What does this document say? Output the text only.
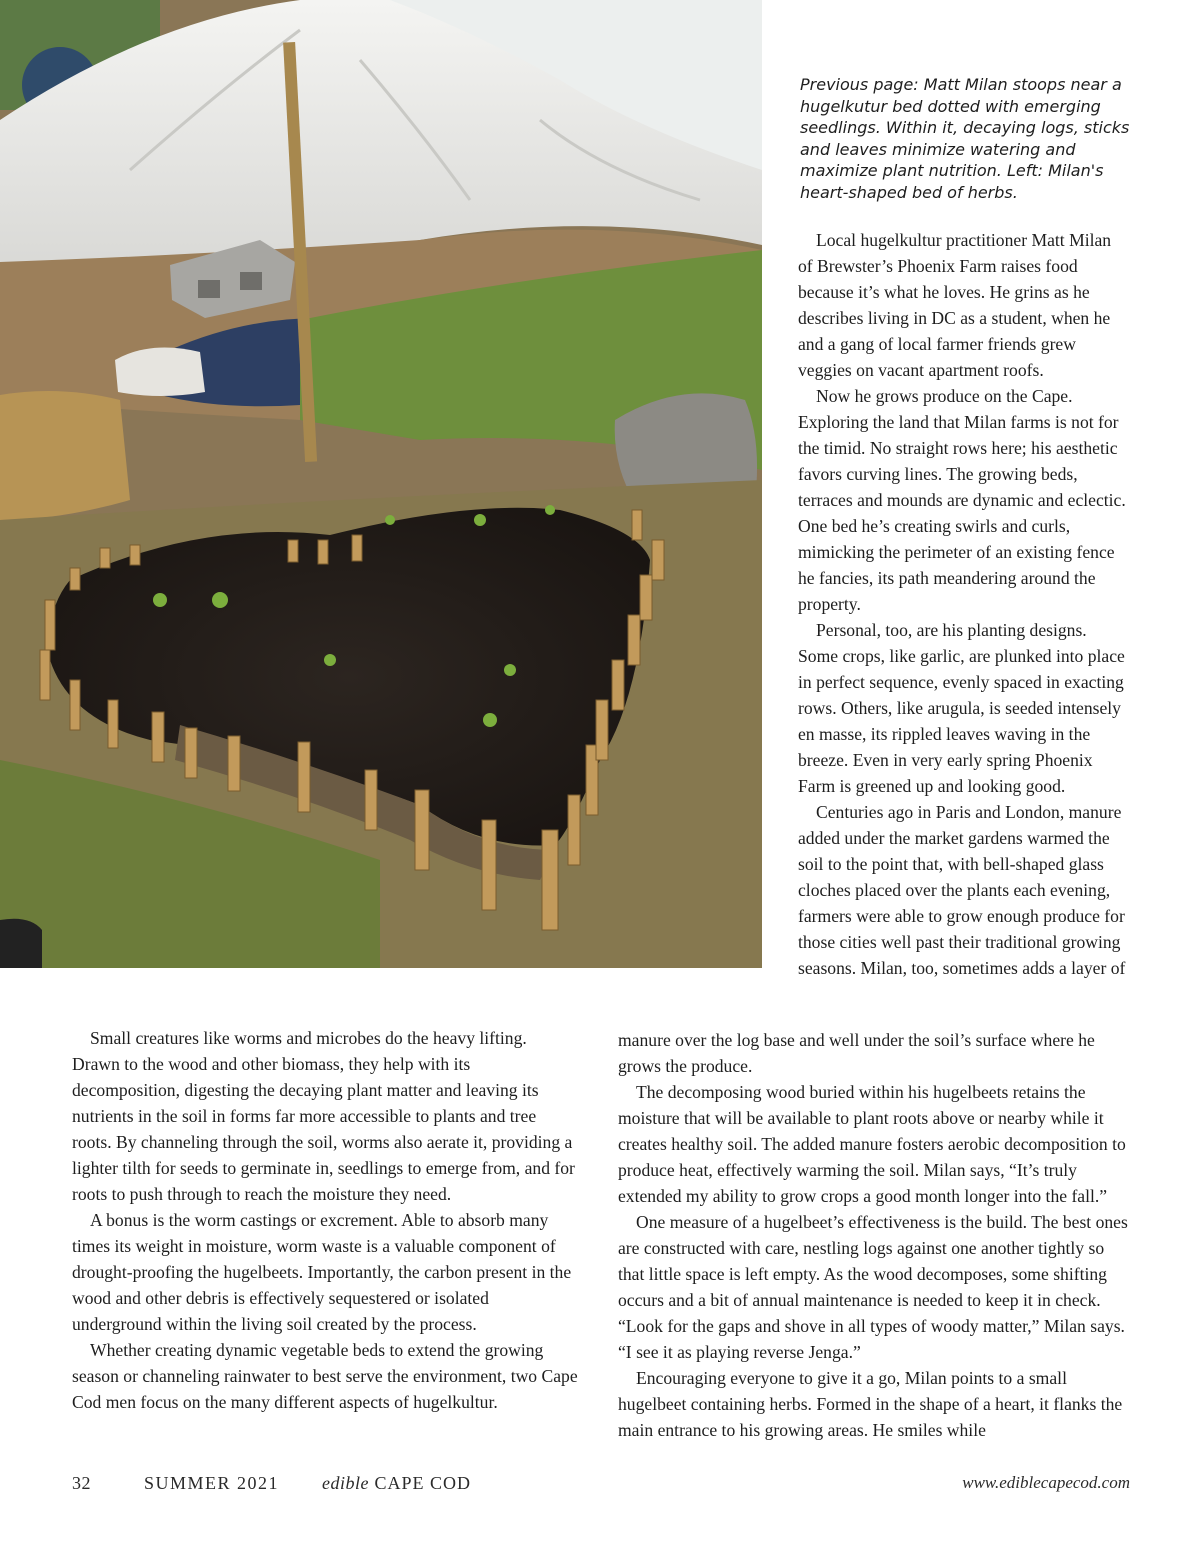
Previous page: Matt Milan stoops near a hugelkutur bed dotted with emerging seedlings. Within it, decaying logs, sticks and leaves minimize watering and maximize plant nutrition. Left: Milan's heart-shaped bed of herbs.

Local hugelkultur practitioner Matt Milan of Brewster’s Phoenix Farm raises food because it’s what he loves. He grins as he describes living in DC as a student, when he and a gang of local farmer friends grew veggies on vacant apartment roofs.

Now he grows produce on the Cape. Exploring the land that Milan farms is not for the timid. No straight rows here; his aesthetic favors curving lines. The growing beds, terraces and mounds are dynamic and eclectic. One bed he’s creating swirls and curls, mimicking the perimeter of an existing fence he fancies, its path meandering around the property.

Personal, too, are his planting designs. Some crops, like garlic, are plunked into place in perfect sequence, evenly spaced in exacting rows. Others, like arugula, is seeded intensely en masse, its rippled leaves waving in the breeze. Even in very early spring Phoenix Farm is greened up and looking good.

Centuries ago in Paris and London, manure added under the market gardens warmed the soil to the point that, with bell-shaped glass cloches placed over the plants each evening, farmers were able to grow enough produce for those cities well past their traditional growing seasons. Milan, too, sometimes adds a layer of

Small creatures like worms and microbes do the heavy lifting. Drawn to the wood and other biomass, they help with its decomposition, digesting the decaying plant matter and leaving its nutrients in the soil in forms far more accessible to plants and tree roots. By channeling through the soil, worms also aerate it, providing a lighter tilth for seeds to germinate in, seedlings to emerge from, and for roots to push through to reach the moisture they need.

A bonus is the worm castings or excrement. Able to absorb many times its weight in moisture, worm waste is a valuable component of drought-proofing the hugelbeets. Importantly, the carbon present in the wood and other debris is effectively sequestered or isolated underground within the living soil created by the process.

Whether creating dynamic vegetable beds to extend the growing season or channeling rainwater to best serve the environment, two Cape Cod men focus on the many different aspects of hugelkultur.

manure over the log base and well under the soil’s surface where he grows the produce.

The decomposing wood buried within his hugelbeets retains the moisture that will be available to plant roots above or nearby while it creates healthy soil. The added manure fosters aerobic decomposition to produce heat, effectively warming the soil. Milan says, “It’s truly extended my ability to grow crops a good month longer into the fall.”

One measure of a hugelbeet’s effectiveness is the build. The best ones are constructed with care, nestling logs against one another tightly so that little space is left empty. As the wood decomposes, some shifting occurs and a bit of annual maintenance is needed to keep it in check. “Look for the gaps and shove in all types of woody matter,” Milan says. “I see it as playing reverse Jenga.”

Encouraging everyone to give it a go, Milan points to a small hugelbeet containing herbs. Formed in the shape of a heart, it flanks the main entrance to his growing areas. He smiles while

32	SUMMER 2021 edible CAPE COD	www.ediblecapecod.com
